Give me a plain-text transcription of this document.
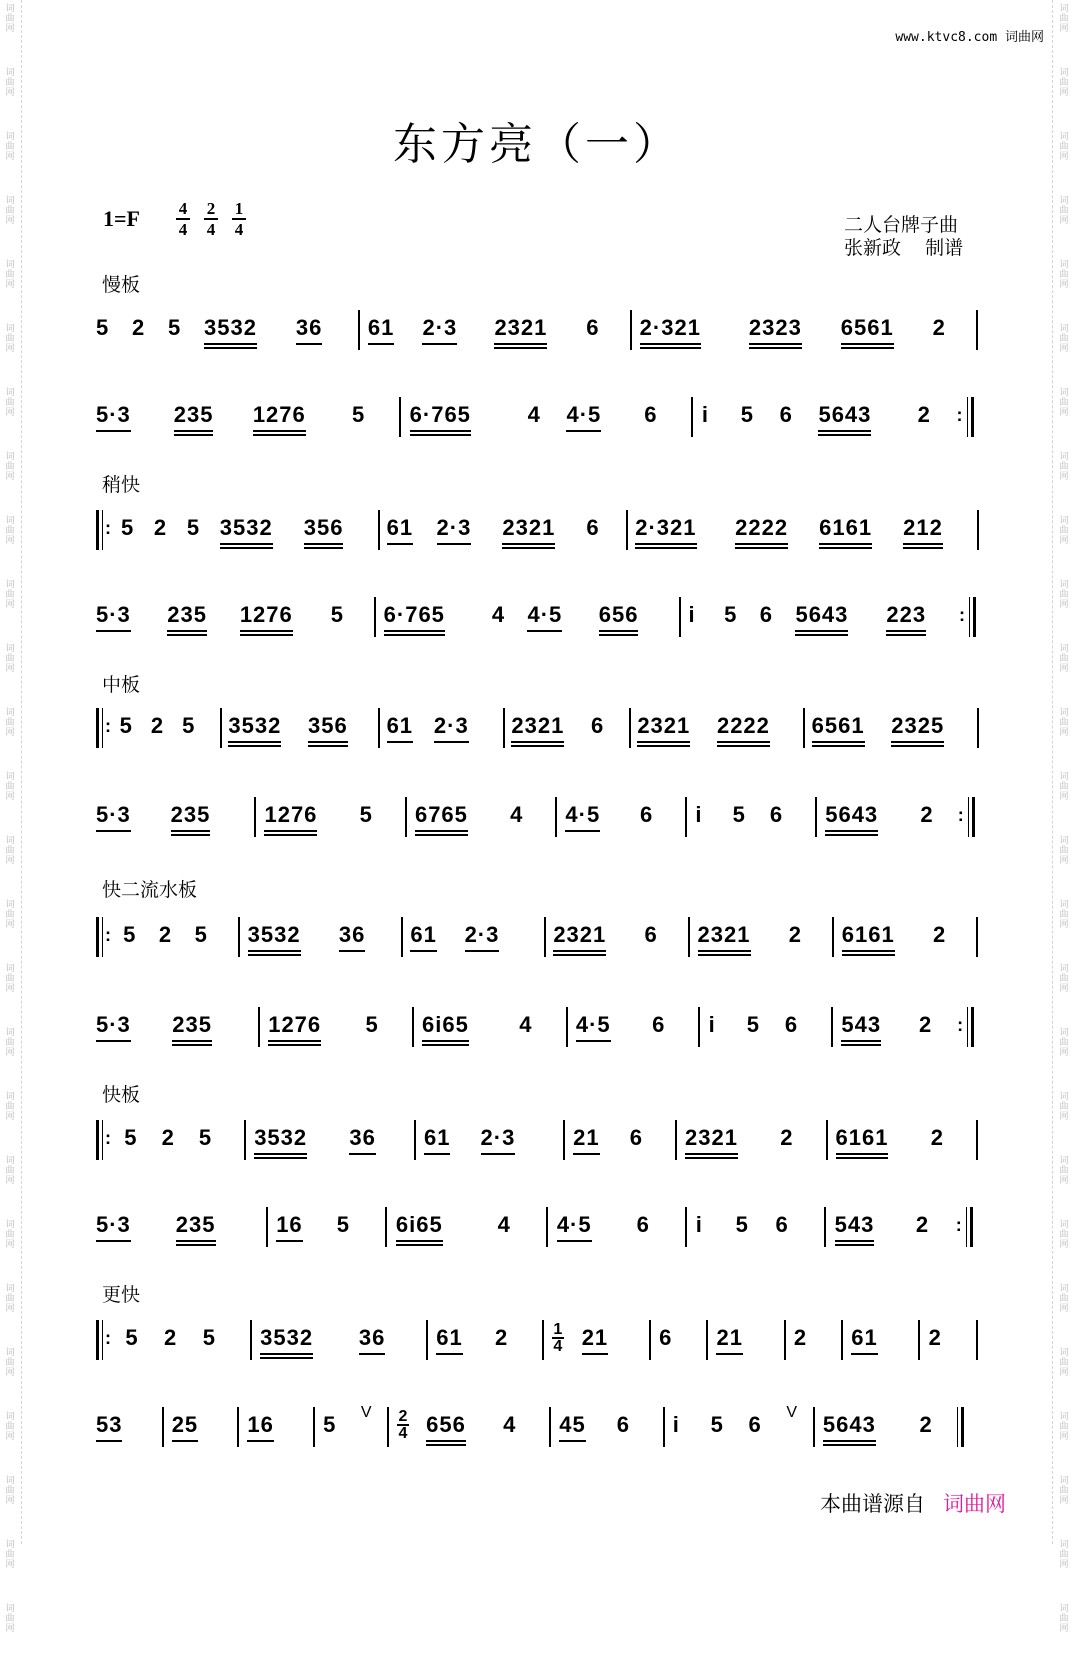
词
曲
网
词
曲
网
词
曲
网
词
曲
网
词
曲
网
词
曲
网
词
曲
网
词
曲
网
词
曲
网
词
曲
网
词
曲
网
词
曲
网
词
曲
网
词
曲
网
词
曲
网
词
曲
网
词
曲
网
词
曲
网
词
曲
网
词
曲
网
词
曲
网
词
曲
网
词
曲
网
词
曲
网
词
曲
网
词
曲
网
词
曲
网
词
曲
网
词
曲
网
词
曲
网
词
曲
网
词
曲
网
词
曲
网
词
曲
网
词
曲
网
词
曲
网
词
曲
网
词
曲
网
词
曲
网
词
曲
网
词
曲
网
词
曲
网
词
曲
网
词
曲
网
词
曲
网
词
曲
网
词
曲
网
词
曲
网
词
曲
网
词
曲
网
词
曲
网
词
曲
网
www.ktvc8.com 词曲网
东方亮（一）
$1=F \frac{4}{4} \frac{2}{4} \frac{1}{4}$	二人台牌子曲
张新政    制谱
慢板
5 2 5 3532 36 61 2·3 2321 6 2·321 2323 6561 2
5·3 235 1276 5 6·765	4 4·5 6 i 5 6 5643 2 :
稍快
: 5 2 5 3532 356 61 2·3 2321 6 2·321 2222 6161 212
5·3 235 1276 5 6·765 4 4·5 656 i 5 6 5643 223 :
中板
: 5 2 5 3532 356 61 2·3 2321 6 2321 2222 6561 2325
5·3 235 1276 5 6765 4 4·5 6 i 5 6 5643 2 :
快二流水板
: 5 2 5 3532 36 61 2·3 2321 6 2321 2 6161 2
5·3 235	1276 5 6i65 4 4·5 6 i 5 6 543 2 :
快板
: 5 2 5 3532 36 61 2·3	21 6 2321 2 6161 2
5·3 235	16 5 6i65 4 4·5 6 i 5 6 543 2 :
更快
: 5 2 5 3532 36 61 2	1
4 21 6 21 2 61 2
53 25 16 5 V	2
4 656 4 45 6 i 5 6 V 5643 2
本曲谱源自 词曲网
